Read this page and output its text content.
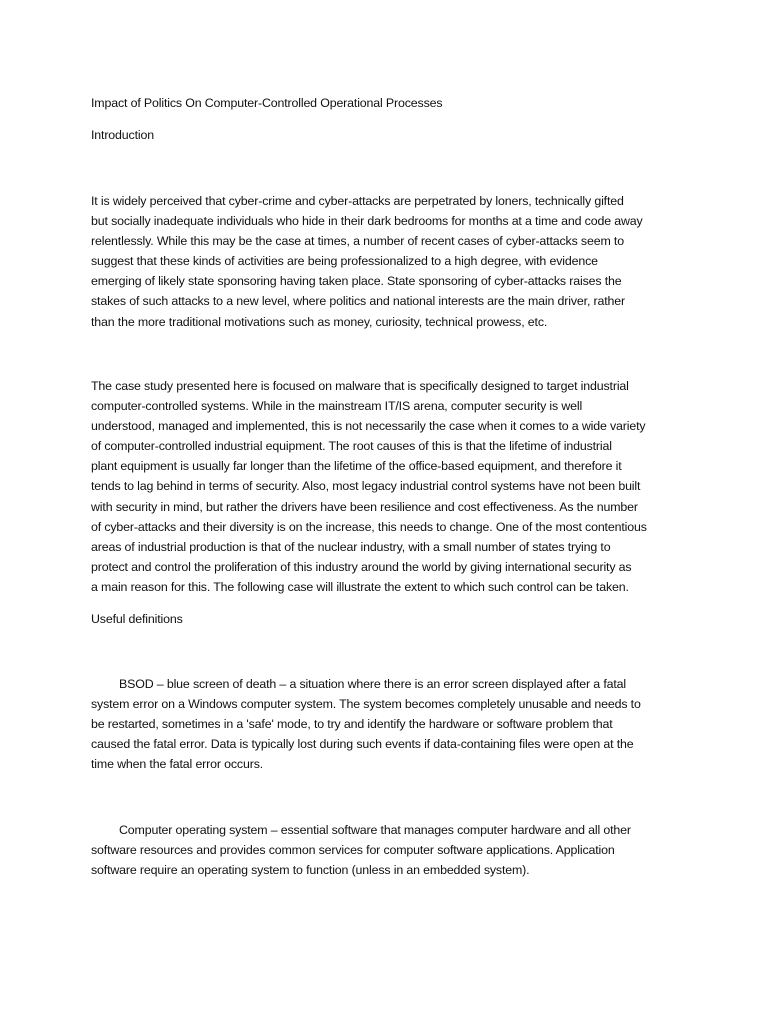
Impact of Politics On Computer-Controlled Operational Processes
Introduction
It is widely perceived that cyber-crime and cyber-attacks are perpetrated by loners, technically gifted
but socially inadequate individuals who hide in their dark bedrooms for months at a time and code away
relentlessly. While this may be the case at times, a number of recent cases of cyber-attacks seem to
suggest that these kinds of activities are being professionalized to a high degree, with evidence
emerging of likely state sponsoring having taken place. State sponsoring of cyber-attacks raises the
stakes of such attacks to a new level, where politics and national interests are the main driver, rather
than the more traditional motivations such as money, curiosity, technical prowess, etc.
The case study presented here is focused on malware that is specifically designed to target industrial
computer-controlled systems. While in the mainstream IT/IS arena, computer security is well
understood, managed and implemented, this is not necessarily the case when it comes to a wide variety
of computer-controlled industrial equipment. The root causes of this is that the lifetime of industrial
plant equipment is usually far longer than the lifetime of the office-based equipment, and therefore it
tends to lag behind in terms of security. Also, most legacy industrial control systems have not been built
with security in mind, but rather the drivers have been resilience and cost effectiveness. As the number
of cyber-attacks and their diversity is on the increase, this needs to change. One of the most contentious
areas of industrial production is that of the nuclear industry, with a small number of states trying to
protect and control the proliferation of this industry around the world by giving international security as
a main reason for this. The following case will illustrate the extent to which such control can be taken.
Useful definitions
BSOD – blue screen of death – a situation where there is an error screen displayed after a fatal
system error on a Windows computer system. The system becomes completely unusable and needs to
be restarted, sometimes in a 'safe' mode, to try and identify the hardware or software problem that
caused the fatal error. Data is typically lost during such events if data-containing files were open at the
time when the fatal error occurs.
Computer operating system – essential software that manages computer hardware and all other
software resources and provides common services for computer software applications. Application
software require an operating system to function (unless in an embedded system).
